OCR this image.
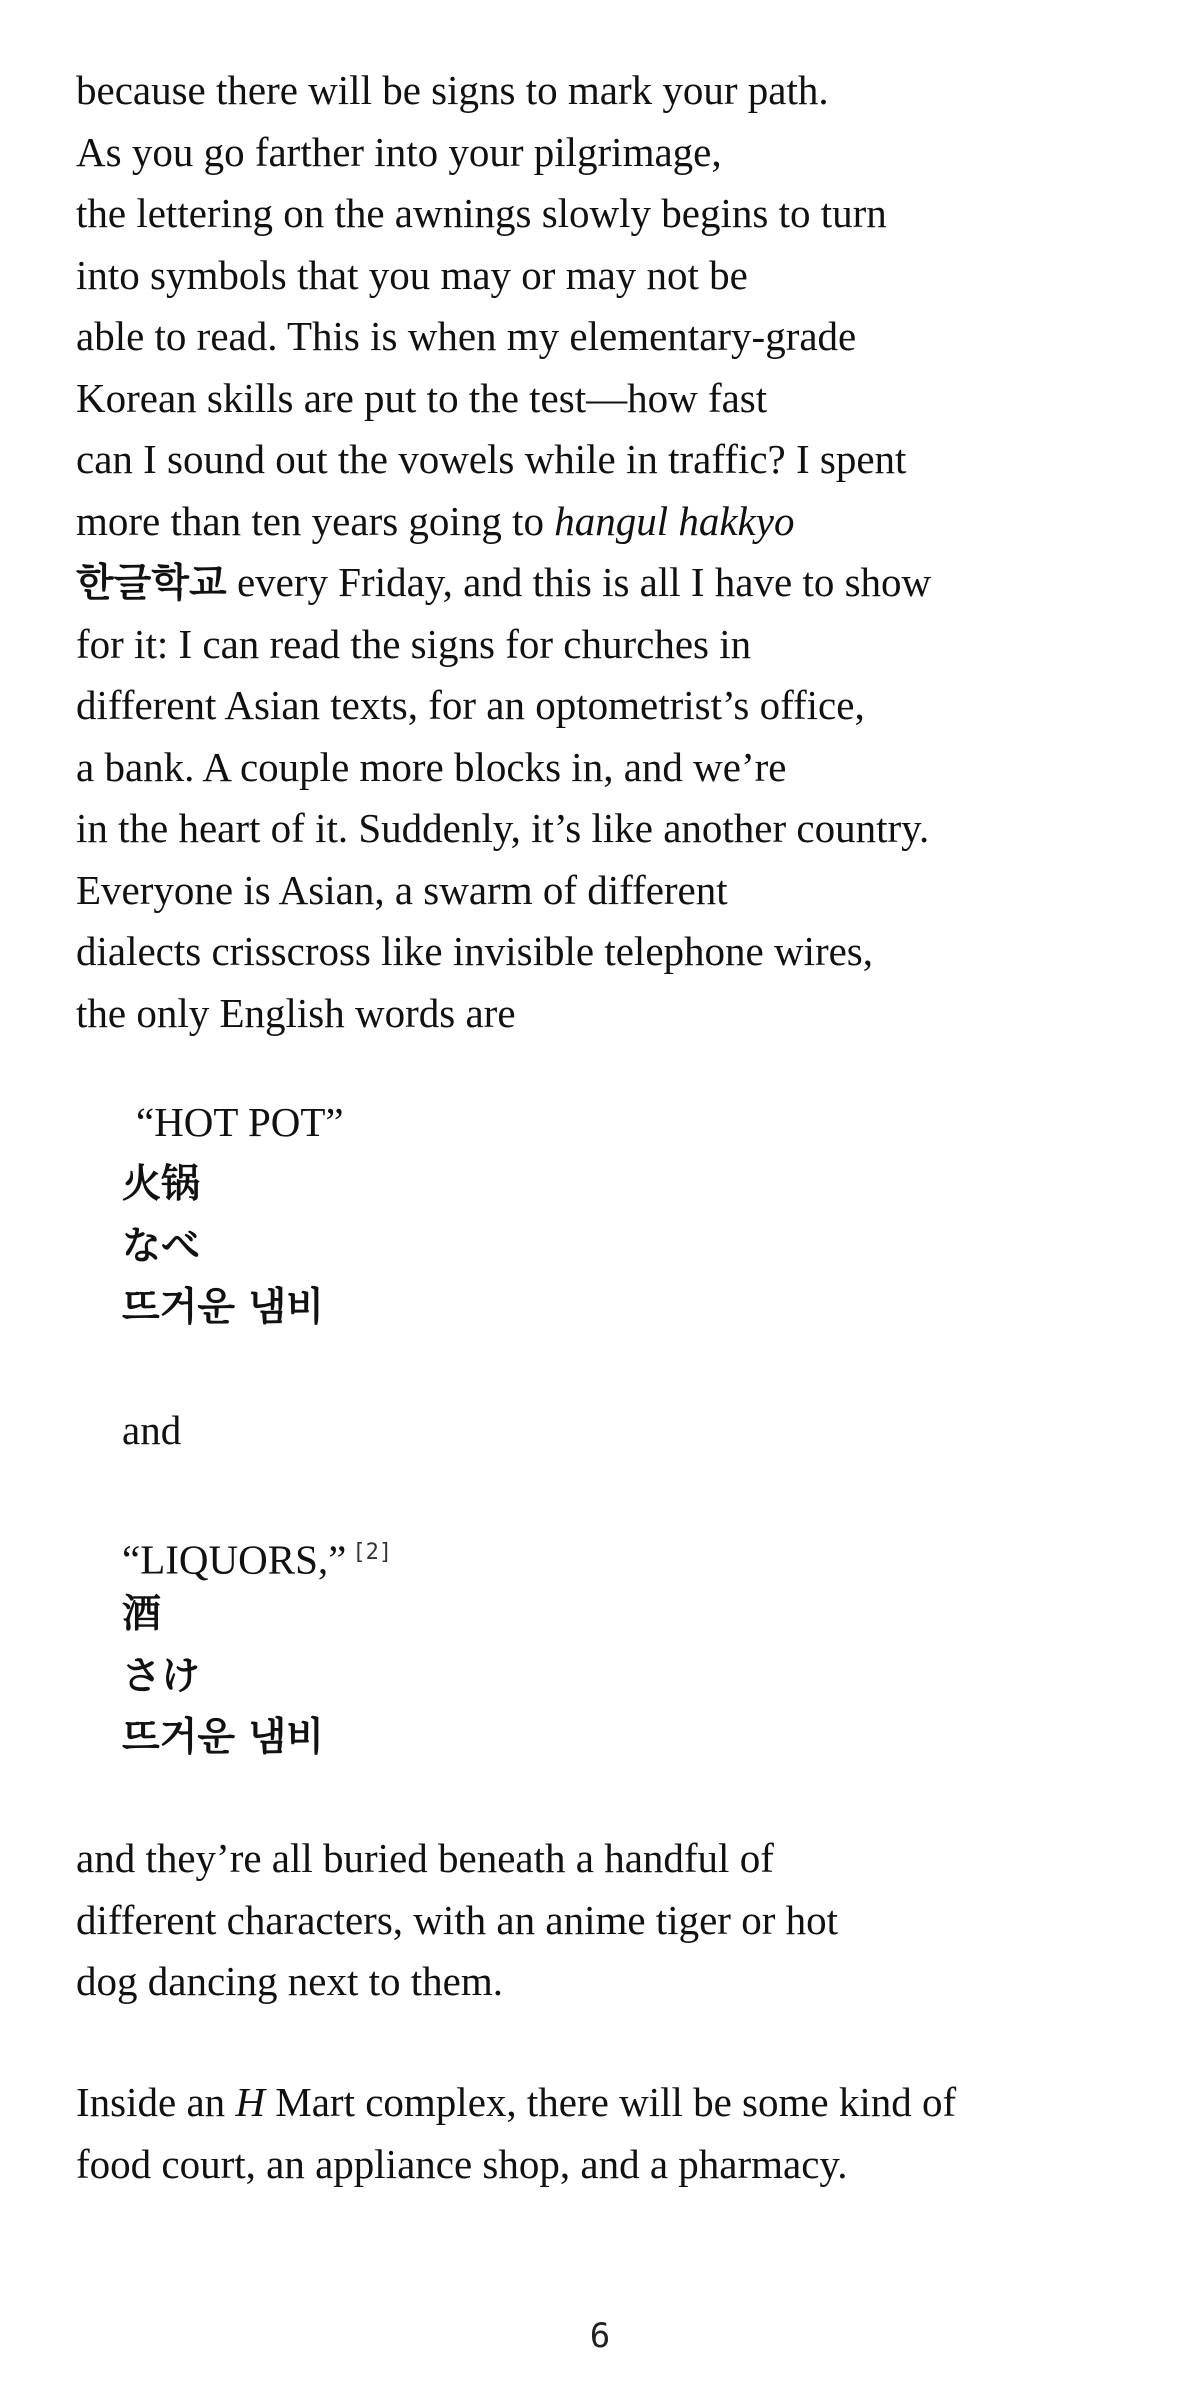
because there will be signs to mark your path.
As you go farther into your pilgrimage,
the lettering on the awnings slowly begins to turn
into symbols that you may or may not be
able to read. This is when my elementary-grade
Korean skills are put to the test—how fast
can I sound out the vowels while in traffic? I spent
more than ten years going to hangul hakkyo
한글학교 every Friday, and this is all I have to show
for it: I can read the signs for churches in
different Asian texts, for an optometrist’s office,
a bank. A couple more blocks in, and we’re
in the heart of it. Suddenly, it’s like another country.
Everyone is Asian, a swarm of different
dialects crisscross like invisible telephone wires,
the only English words are
“HOT POT”
火锅
なべ
뜨거운 냄비
and
“LIQUORS,” [2]
酒
さけ
뜨거운 냄비
and they’re all buried beneath a handful of
different characters, with an anime tiger or hot
dog dancing next to them.
Inside an H Mart complex, there will be some kind of
food court, an appliance shop, and a pharmacy.
6
